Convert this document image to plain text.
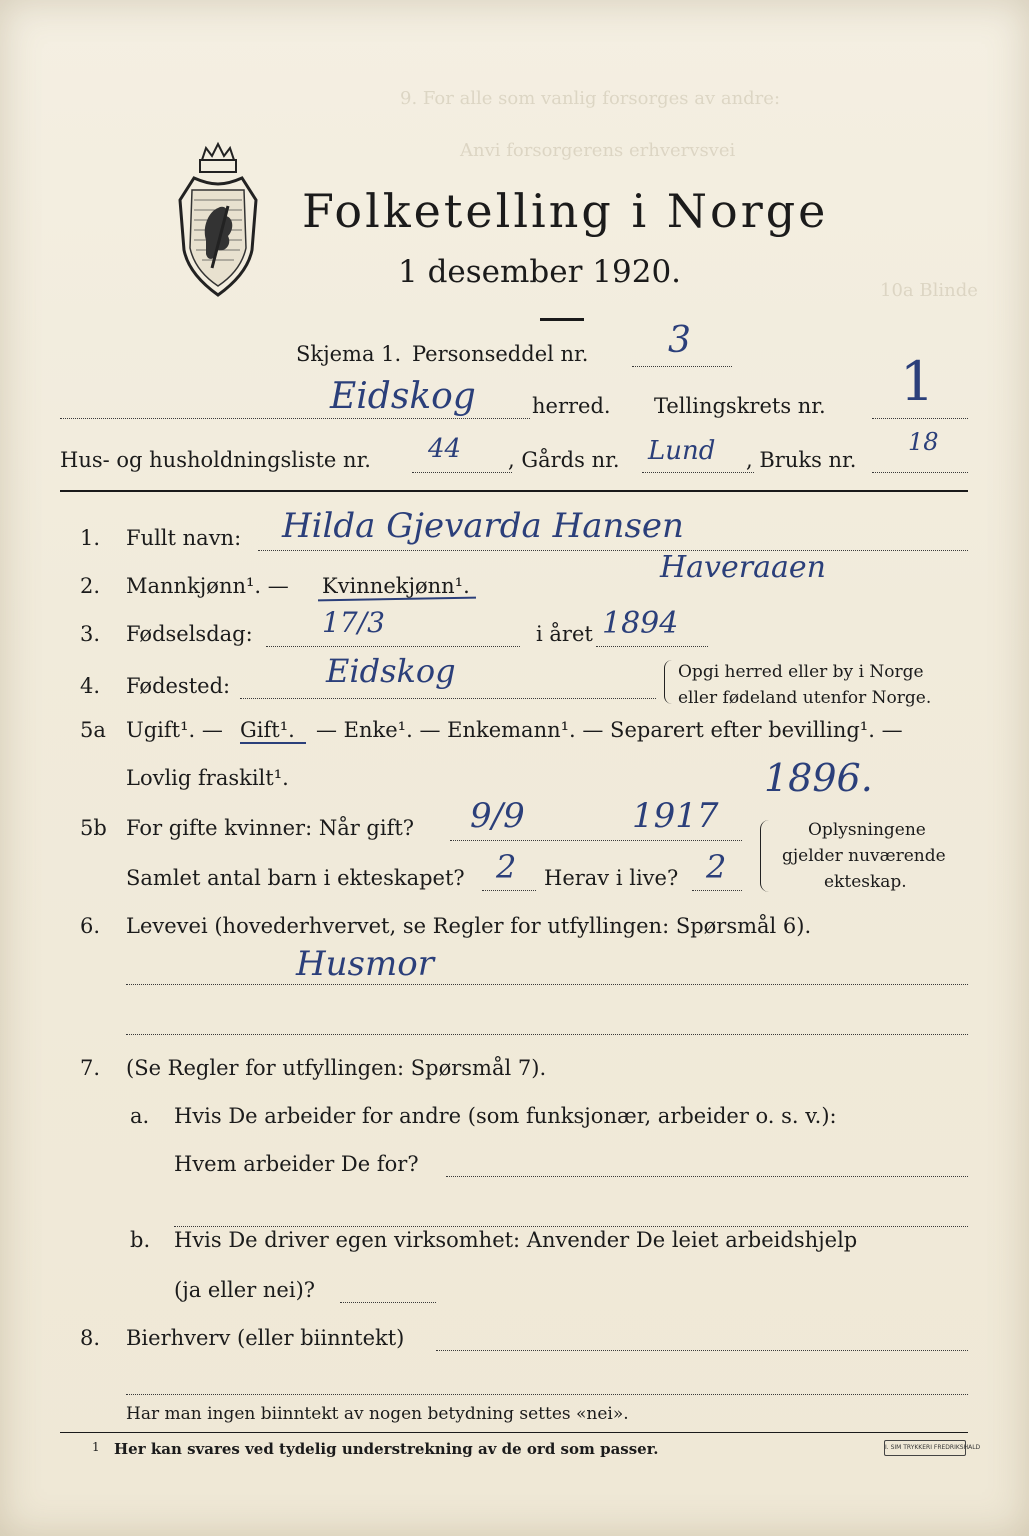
9. For alle som vanlig forsorges av andre:
Anvi forsorgerens erhvervsvei
10a Blinde
Folketelling i Norge
1 desember 1920.
Skjema 1. Personseddel nr. 3
Eidskog	herred. Tellingskrets nr. 1
Hus- og husholdningsliste nr. 44 , Gårds nr. Lund , Bruks nr.
18
1. Fullt navn: Hilda Gjevarda Hansen
Haveraaen
2. Mannkjønn¹. — Kvinnekjønn¹.
3. Fødselsdag: 17/3	i året 1894
4. Fødested:	Eidskog	Opgi herred eller by i Norge
eller fødeland utenfor Norge.
5a Ugift¹. — Gift¹. — Enke¹. — Enkemann¹. — Separert efter bevilling¹. —
Lovlig fraskilt¹.	1896.
5b For gifte kvinner: Når gift? 9/9	1917
Samlet antal barn i ekteskapet? 2 Herav i live? 2
Oplysningene
gjelder nuværende
ekteskap.
6. Levevei (hovederhvervet, se Regler for utfyllingen: Spørsmål 6).
Husmor
7. (Se Regler for utfyllingen: Spørsmål 7).
a. Hvis De arbeider for andre (som funksjonær, arbeider o. s. v.):
Hvem arbeider De for?
b. Hvis De driver egen virksomhet: Anvender De leiet arbeidshjelp
(ja eller nei)?
8. Bierhverv (eller biinntekt)
Har man ingen biinntekt av nogen betydning settes «nei».
1 Her kan svares ved tydelig understrekning av de ord som passer.	I. SIM TRYKKERI FREDRIKSHALD
